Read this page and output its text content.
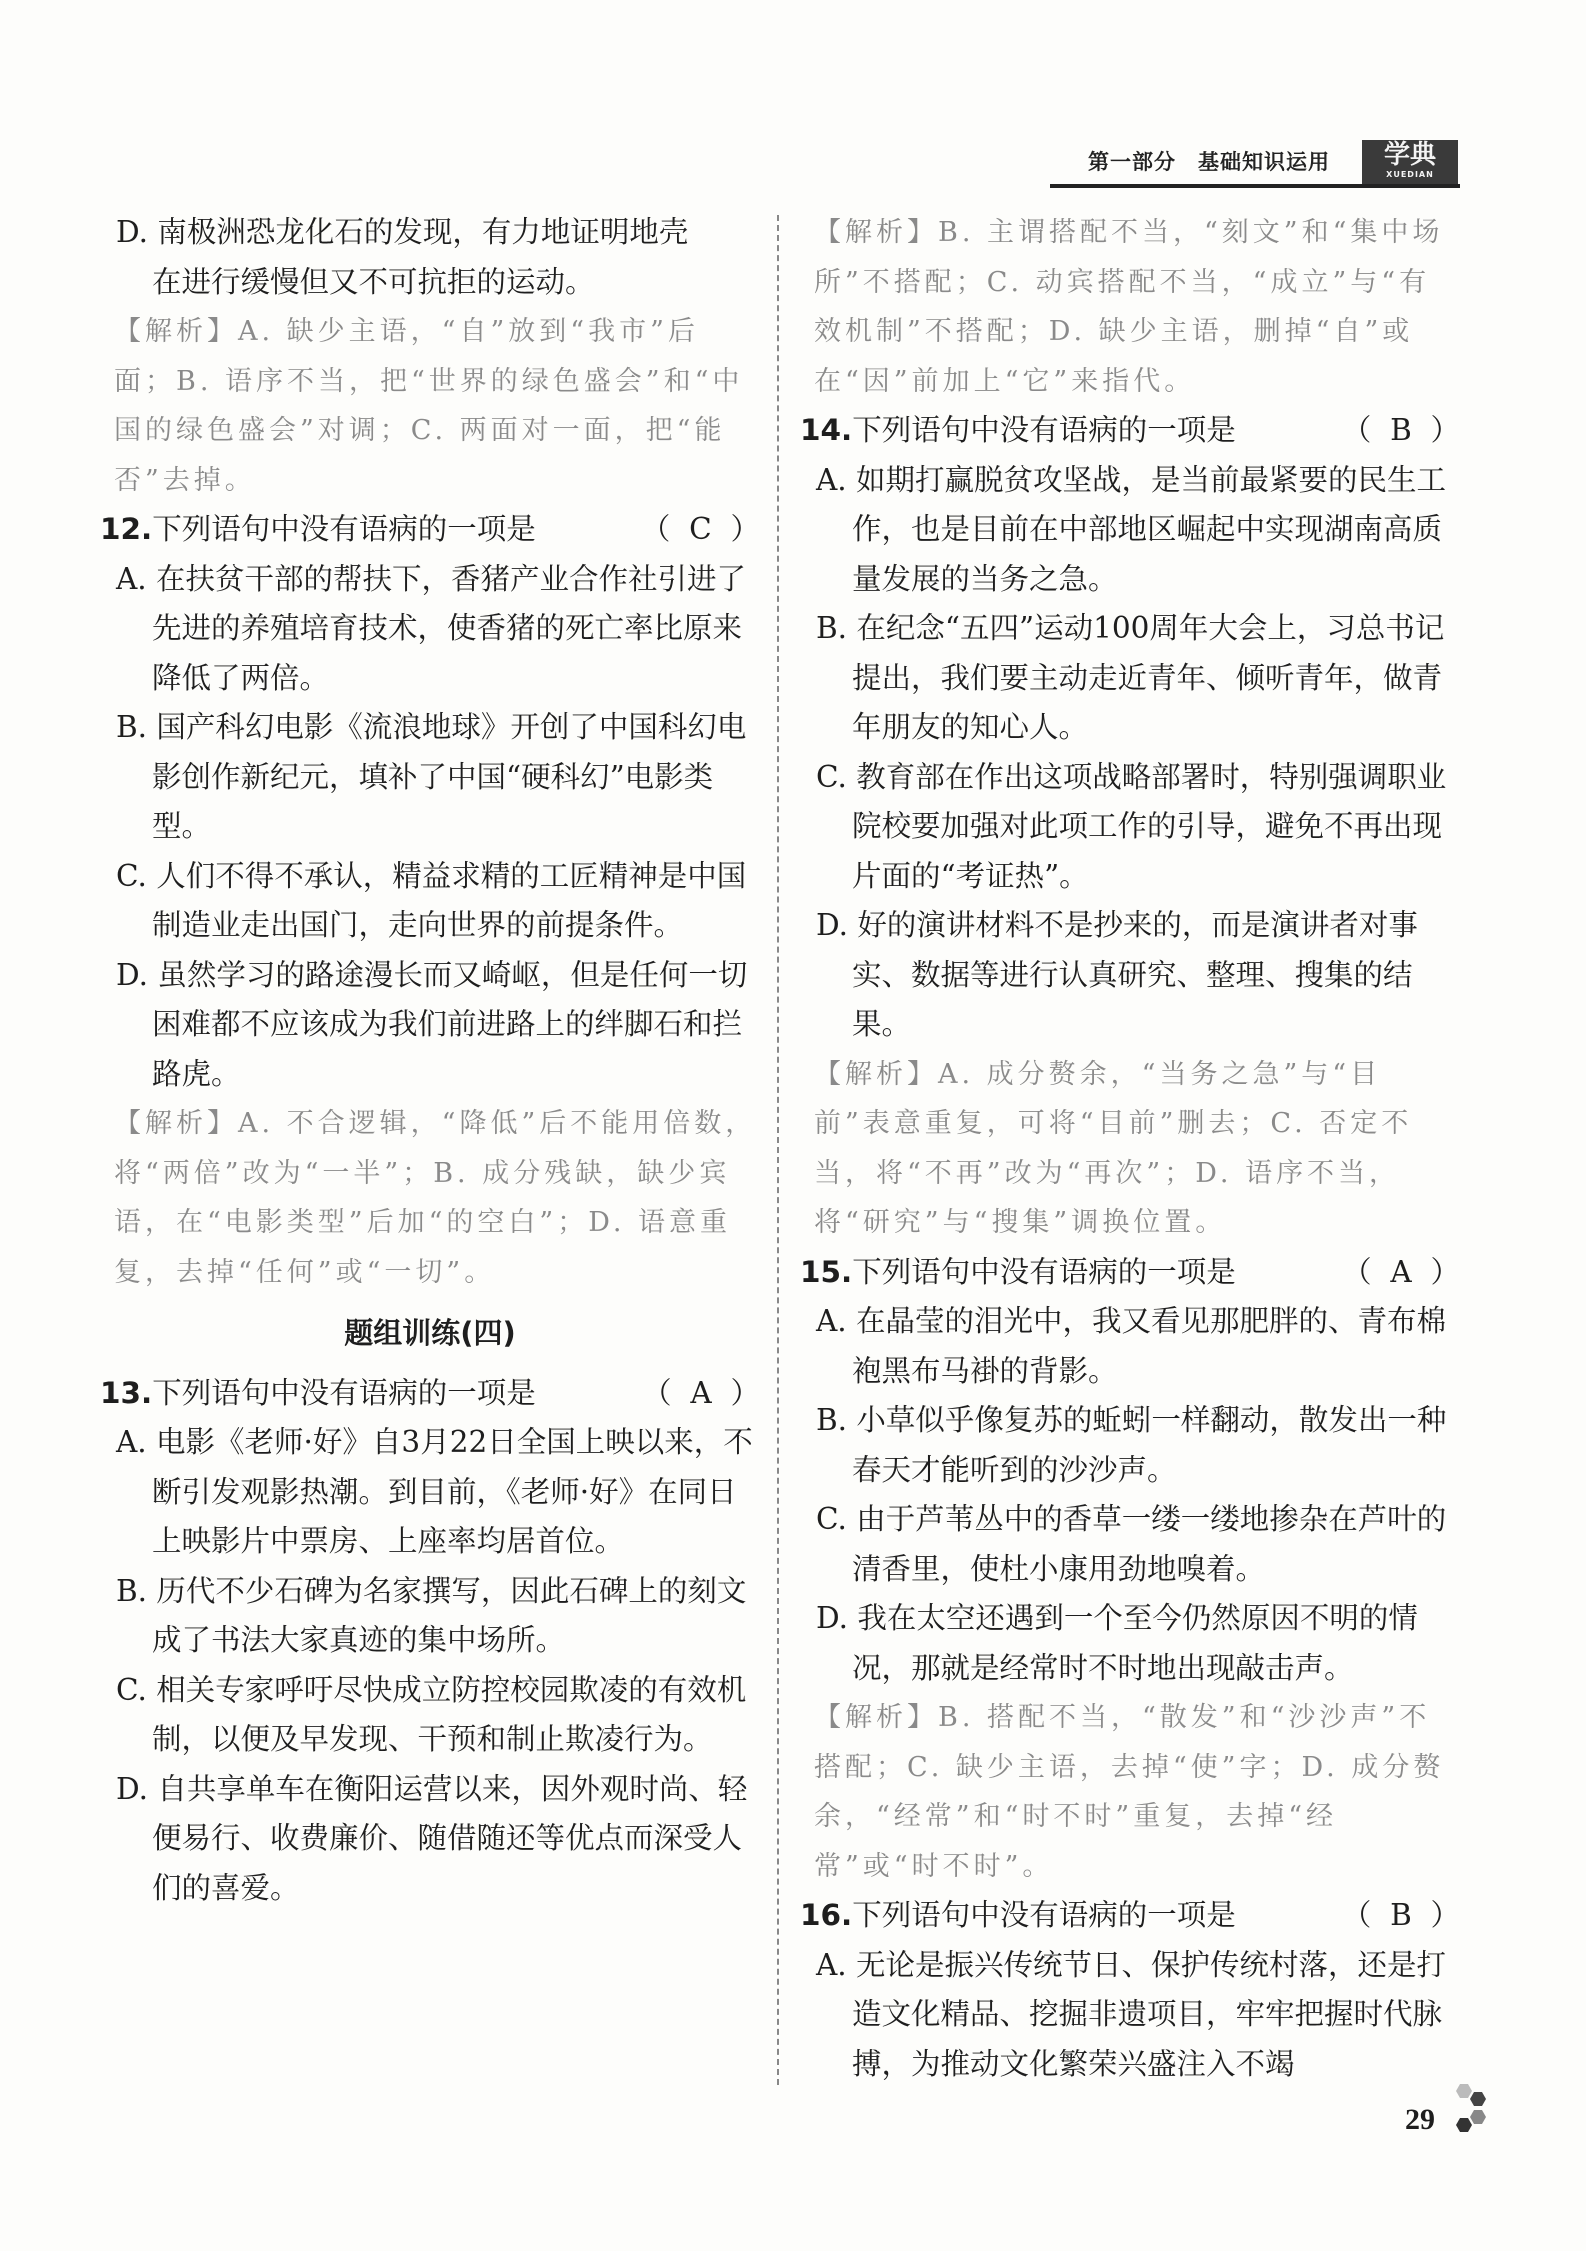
第一部分　基础知识运用	学典
XUEDIAN
D. 南极洲恐龙化石的发现，有力地证明地壳
在进行缓慢但又不可抗拒的运动。
【解析】A. 缺少主语，“自”放到“我市”后面；B. 语序不当，把“世界的绿色盛会”和“中国的绿色盛会”对调；C. 两面对一面，把“能否”去掉。
12.下列语句中没有语病的一项是	（  C  ）
A. 在扶贫干部的帮扶下，香猪产业合作社引进了先进的养殖培育技术，使香猪的死亡率比原来降低了两倍。
B. 国产科幻电影《流浪地球》开创了中国科幻电影创作新纪元，填补了中国“硬科幻”电影类型。
C. 人们不得不承认，精益求精的工匠精神是中国制造业走出国门，走向世界的前提条件。
D. 虽然学习的路途漫长而又崎岖，但是任何一切困难都不应该成为我们前进路上的绊脚石和拦路虎。
【解析】A. 不合逻辑，“降低”后不能用倍数，将“两倍”改为“一半”；B. 成分残缺，缺少宾语，在“电影类型”后加“的空白”；D. 语意重复，去掉“任何”或“一切”。
题组训练(四)
13.下列语句中没有语病的一项是	（  A  ）
A. 电影《老师·好》自3月22日全国上映以来，不断引发观影热潮。到目前，《老师·好》在同日上映影片中票房、上座率均居首位。
B. 历代不少石碑为名家撰写，因此石碑上的刻文成了书法大家真迹的集中场所。
C. 相关专家呼吁尽快成立防控校园欺凌的有效机制，以便及早发现、干预和制止欺凌行为。
D. 自共享单车在衡阳运营以来，因外观时尚、轻便易行、收费廉价、随借随还等优点而深受人们的喜爱。
【解析】B. 主谓搭配不当，“刻文”和“集中场所”不搭配；C. 动宾搭配不当，“成立”与“有效机制”不搭配；D. 缺少主语，删掉“自”或在“因”前加上“它”来指代。
14.下列语句中没有语病的一项是	（  B  ）
A. 如期打赢脱贫攻坚战，是当前最紧要的民生工作，也是目前在中部地区崛起中实现湖南高质量发展的当务之急。
B. 在纪念“五四”运动100周年大会上，习总书记提出，我们要主动走近青年、倾听青年，做青年朋友的知心人。
C. 教育部在作出这项战略部署时，特别强调职业院校要加强对此项工作的引导，避免不再出现片面的“考证热”。
D. 好的演讲材料不是抄来的，而是演讲者对事实、数据等进行认真研究、整理、搜集的结果。
【解析】A. 成分赘余，“当务之急”与“目前”表意重复，可将“目前”删去；C. 否定不当，将“不再”改为“再次”；D. 语序不当，将“研究”与“搜集”调换位置。
15.下列语句中没有语病的一项是	（  A  ）
A. 在晶莹的泪光中，我又看见那肥胖的、青布棉袍黑布马褂的背影。
B. 小草似乎像复苏的蚯蚓一样翻动，散发出一种春天才能听到的沙沙声。
C. 由于芦苇丛中的香草一缕一缕地掺杂在芦叶的清香里，使杜小康用劲地嗅着。
D. 我在太空还遇到一个至今仍然原因不明的情况，那就是经常时不时地出现敲击声。
【解析】B. 搭配不当，“散发”和“沙沙声”不搭配；C. 缺少主语，去掉“使”字；D. 成分赘余，“经常”和“时不时”重复，去掉“经常”或“时不时”。
16.下列语句中没有语病的一项是	（  B  ）
A. 无论是振兴传统节日、保护传统村落，还是打造文化精品、挖掘非遗项目，牢牢把握时代脉搏，为推动文化繁荣兴盛注入不竭
29
